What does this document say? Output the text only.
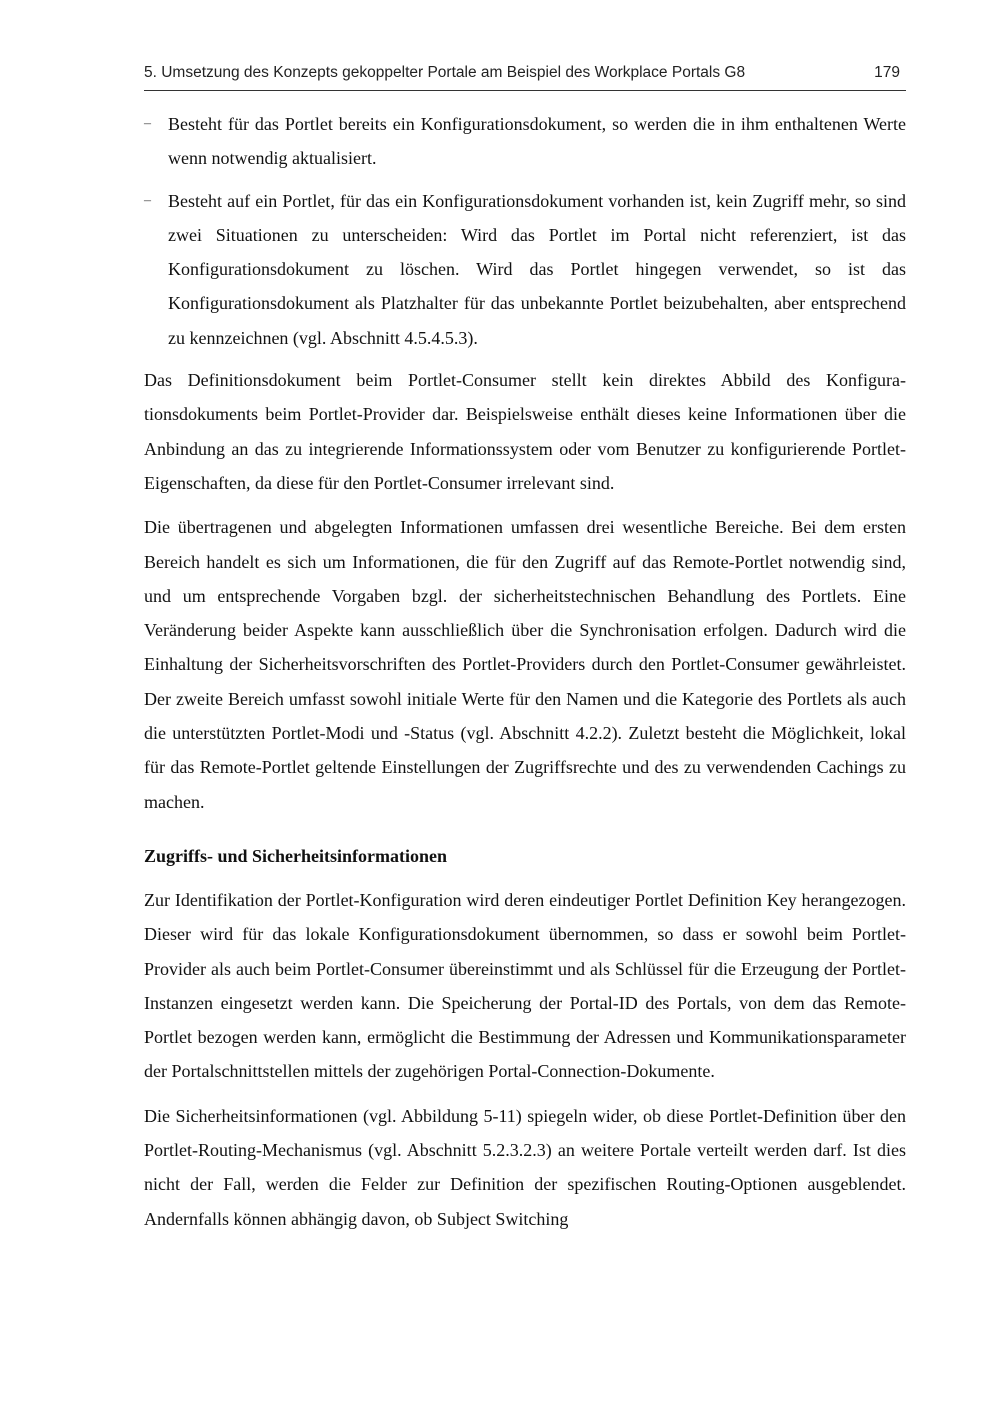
5. Umsetzung des Konzepts gekoppelter Portale am Beispiel des Workplace Portals G8	179
– Besteht für das Portlet bereits ein Konfigurationsdokument, so werden die in ihm enthaltenen Werte wenn notwendig aktualisiert.
– Besteht auf ein Portlet, für das ein Konfigurationsdokument vorhanden ist, kein Zugriff mehr, so sind zwei Situationen zu unterscheiden: Wird das Portlet im Portal nicht referenziert, ist das Konfigurationsdokument zu löschen. Wird das Portlet hingegen verwendet, so ist das Konfigurationsdokument als Platzhalter für das unbekannte Portlet beizubehalten, aber entsprechend zu kennzeichnen (vgl. Abschnitt 4.5.4.5.3).

Das Definitionsdokument beim Portlet-Consumer stellt kein direktes Abbild des Konfigurationsdokuments beim Portlet-Provider dar. Beispielsweise enthält dieses keine Informationen über die Anbindung an das zu integrierende Informationssystem oder vom Benutzer zu konfigurierende Portlet-Eigenschaften, da diese für den Portlet-Consumer irrelevant sind.

Die übertragenen und abgelegten Informationen umfassen drei wesentliche Bereiche. Bei dem ersten Bereich handelt es sich um Informationen, die für den Zugriff auf das Remote-Portlet notwendig sind, und um entsprechende Vorgaben bzgl. der sicherheitstechnischen Behandlung des Portlets. Eine Veränderung beider Aspekte kann ausschließlich über die Synchronisation erfolgen. Dadurch wird die Einhaltung der Sicherheitsvorschriften des Portlet-Providers durch den Portlet-Consumer gewährleistet. Der zweite Bereich umfasst sowohl initiale Werte für den Namen und die Kategorie des Portlets als auch die unterstützten Portlet-Modi und -Status (vgl. Abschnitt 4.2.2). Zuletzt besteht die Möglichkeit, lokal für das Remote-Portlet geltende Einstellungen der Zugriffsrechte und des zu verwendenden Cachings zu machen.

Zugriffs- und Sicherheitsinformationen

Zur Identifikation der Portlet-Konfiguration wird deren eindeutiger Portlet Definition Key herangezogen. Dieser wird für das lokale Konfigurationsdokument übernommen, so dass er sowohl beim Portlet-Provider als auch beim Portlet-Consumer übereinstimmt und als Schlüssel für die Erzeugung der Portlet-Instanzen eingesetzt werden kann. Die Speicherung der Portal-ID des Portals, von dem das Remote-Portlet bezogen werden kann, ermöglicht die Bestimmung der Adressen und Kommunikationsparameter der Portalschnittstellen mittels der zugehörigen Portal-Connection-Dokumente.

Die Sicherheitsinformationen (vgl. Abbildung 5-11) spiegeln wider, ob diese Portlet-Definition über den Portlet-Routing-Mechanismus (vgl. Abschnitt 5.2.3.2.3) an weitere Portale verteilt werden darf. Ist dies nicht der Fall, werden die Felder zur Definition der spezifischen Routing-Optionen ausgeblendet. Andernfalls können abhängig davon, ob Subject Switching
